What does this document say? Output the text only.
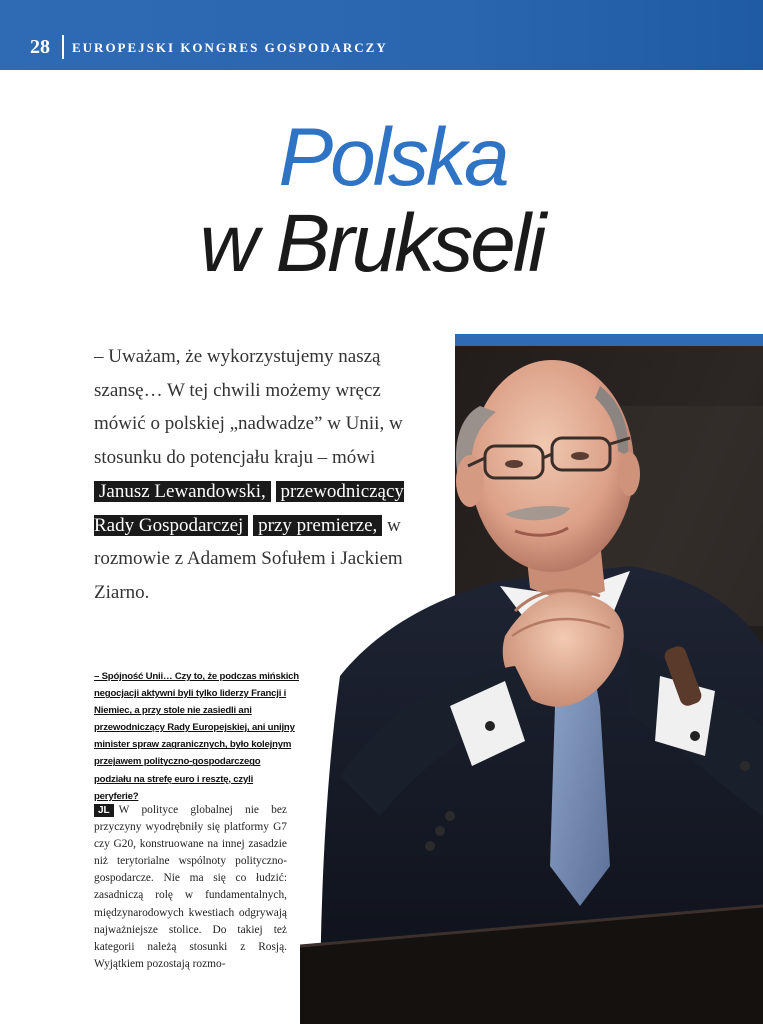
28 EUROPEJSKI KONGRES GOSPODARCZY
Polska
w Brukseli
– Uważam, że wykorzystujemy naszą szansę… W tej chwili możemy wręcz mówić o polskiej „nadwadze” w Unii, w stosunku do potencjału kraju – mówi Janusz Lewandowski, przewodniczący Rady Gospodarczej przy premierze, w rozmowie z Adamem Sofułem i Jackiem Ziarno.
– Spójność Unii… Czy to, że podczas mińskich negocjacji aktywni byli tylko liderzy Francji i Niemiec, a przy stole nie zasiedli ani przewodniczący Rady Europejskiej, ani unijny minister spraw zagranicznych, było kolejnym przejawem polityczno-gospodarczego podziału na strefę euro i resztę, czyli peryferie?
JL W polityce globalnej nie bez przyczyny wyodrębniły się platformy G7 czy G20, konstruowane na innej zasadzie niż terytorialne wspólnoty polityczno-gospodarcze. Nie ma się co łudzić: zasadniczą rolę w fundamentalnych, międzynarodowych kwestiach odgrywają najważniejsze stolice. Do takiej też kategorii należą stosunki z Rosją. Wyjątkiem pozostają rozmo-
